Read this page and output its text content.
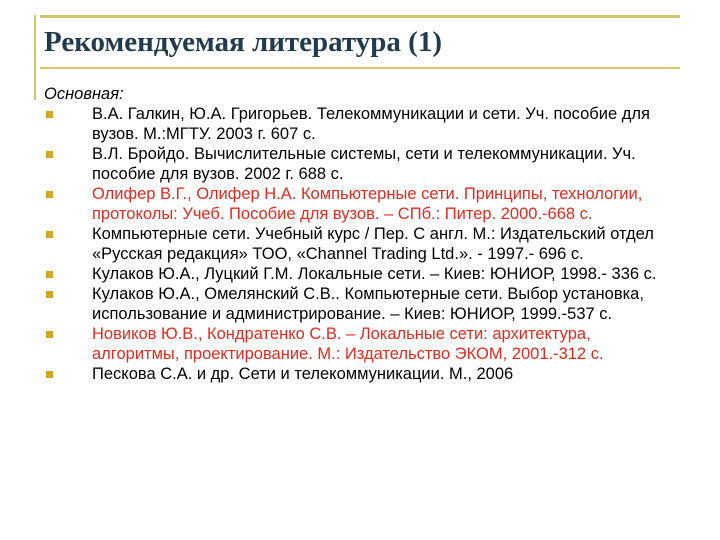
Рекомендуемая литература (1)
Основная:
В.А. Галкин, Ю.А. Григорьев. Телекоммуникации и сети. Уч. пособие для вузов. М.:МГТУ. 2003 г. 607 с.
В.Л. Бройдо. Вычислительные системы, сети и телекоммуникации. Уч. пособие для вузов. 2002 г. 688 с.
Олифер В.Г., Олифер Н.А. Компьютерные сети. Принципы, технологии, протоколы: Учеб. Пособие для вузов. – СПб.: Питер. 2000.-668 с.
Компьютерные сети. Учебный курс / Пер. С англ. М.: Издательский отдел «Русская редакция» ТОО, «Channel Trading Ltd.». - 1997.- 696 с.
Кулаков Ю.А., Луцкий Г.М. Локальные сети. – Киев: ЮНИОР, 1998.- 336 с.
Кулаков Ю.А., Омелянский С.В.. Компьютерные сети. Выбор установка, использование и администрирование. – Киев: ЮНИОР, 1999.-537 с.
Новиков Ю.В., Кондратенко С.В. – Локальные сети: архитектура, алгоритмы, проектирование. М.: Издательство ЭКОМ, 2001.-312 с.
Пескова С.А. и др. Сети и телекоммуникации. М., 2006
